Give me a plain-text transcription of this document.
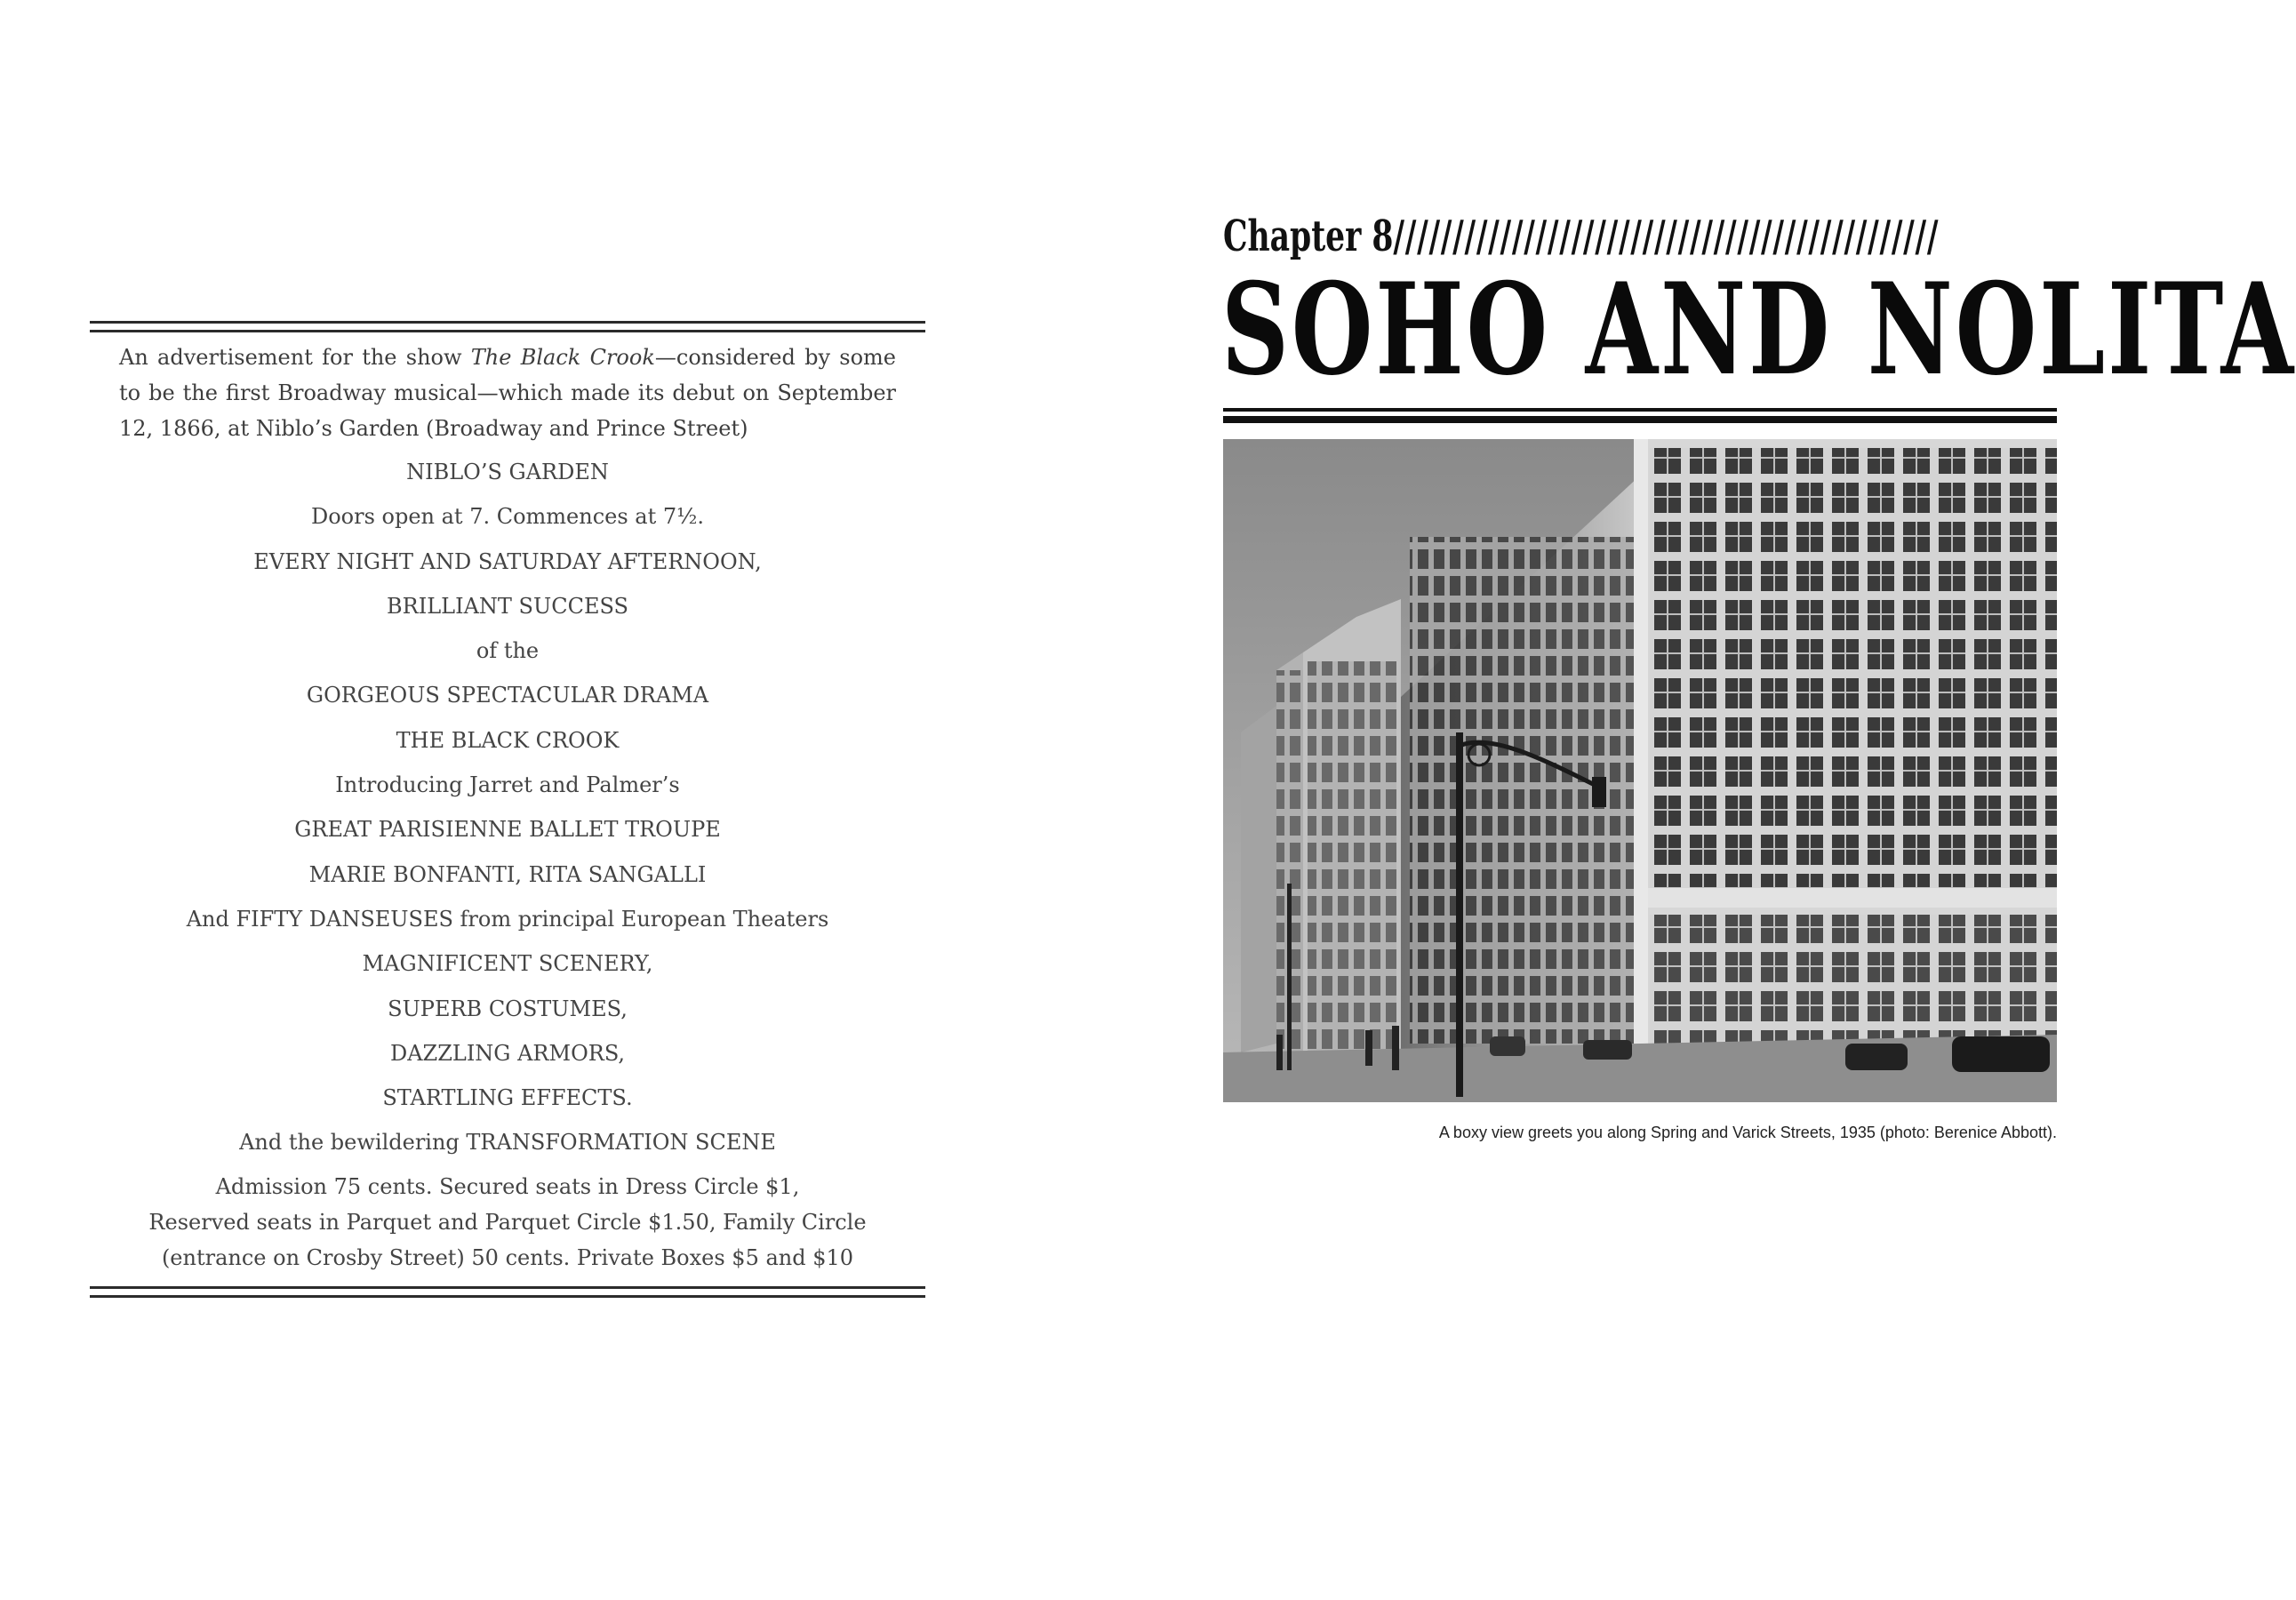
An advertisement for the show The Black Crook—considered by some to be the first Broadway musical—which made its debut on September 12, 1866, at Niblo’s Garden (Broadway and Prince Street)

NIBLO’S GARDEN
Doors open at 7. Commences at 7½.
EVERY NIGHT AND SATURDAY AFTERNOON,
BRILLIANT SUCCESS
of the
GORGEOUS SPECTACULAR DRAMA
THE BLACK CROOK
Introducing Jarret and Palmer’s
GREAT PARISIENNE BALLET TROUPE
MARIE BONFANTI, RITA SANGALLI
And FIFTY DANSEUSES from principal European Theaters
MAGNIFICENT SCENERY,
SUPERB COSTUMES,
DAZZLING ARMORS,
STARTLING EFFECTS.
And the bewildering TRANSFORMATION SCENE
Admission 75 cents. Secured seats in Dress Circle $1,
Reserved seats in Parquet and Parquet Circle $1.50, Family Circle
(entrance on Crosby Street) 50 cents. Private Boxes $5 and $10
Chapter 8//////////////////////////////////////////////
SOHO AND NOLITA
A boxy view greets you along Spring and Varick Streets, 1935 (photo: Berenice Abbott).
